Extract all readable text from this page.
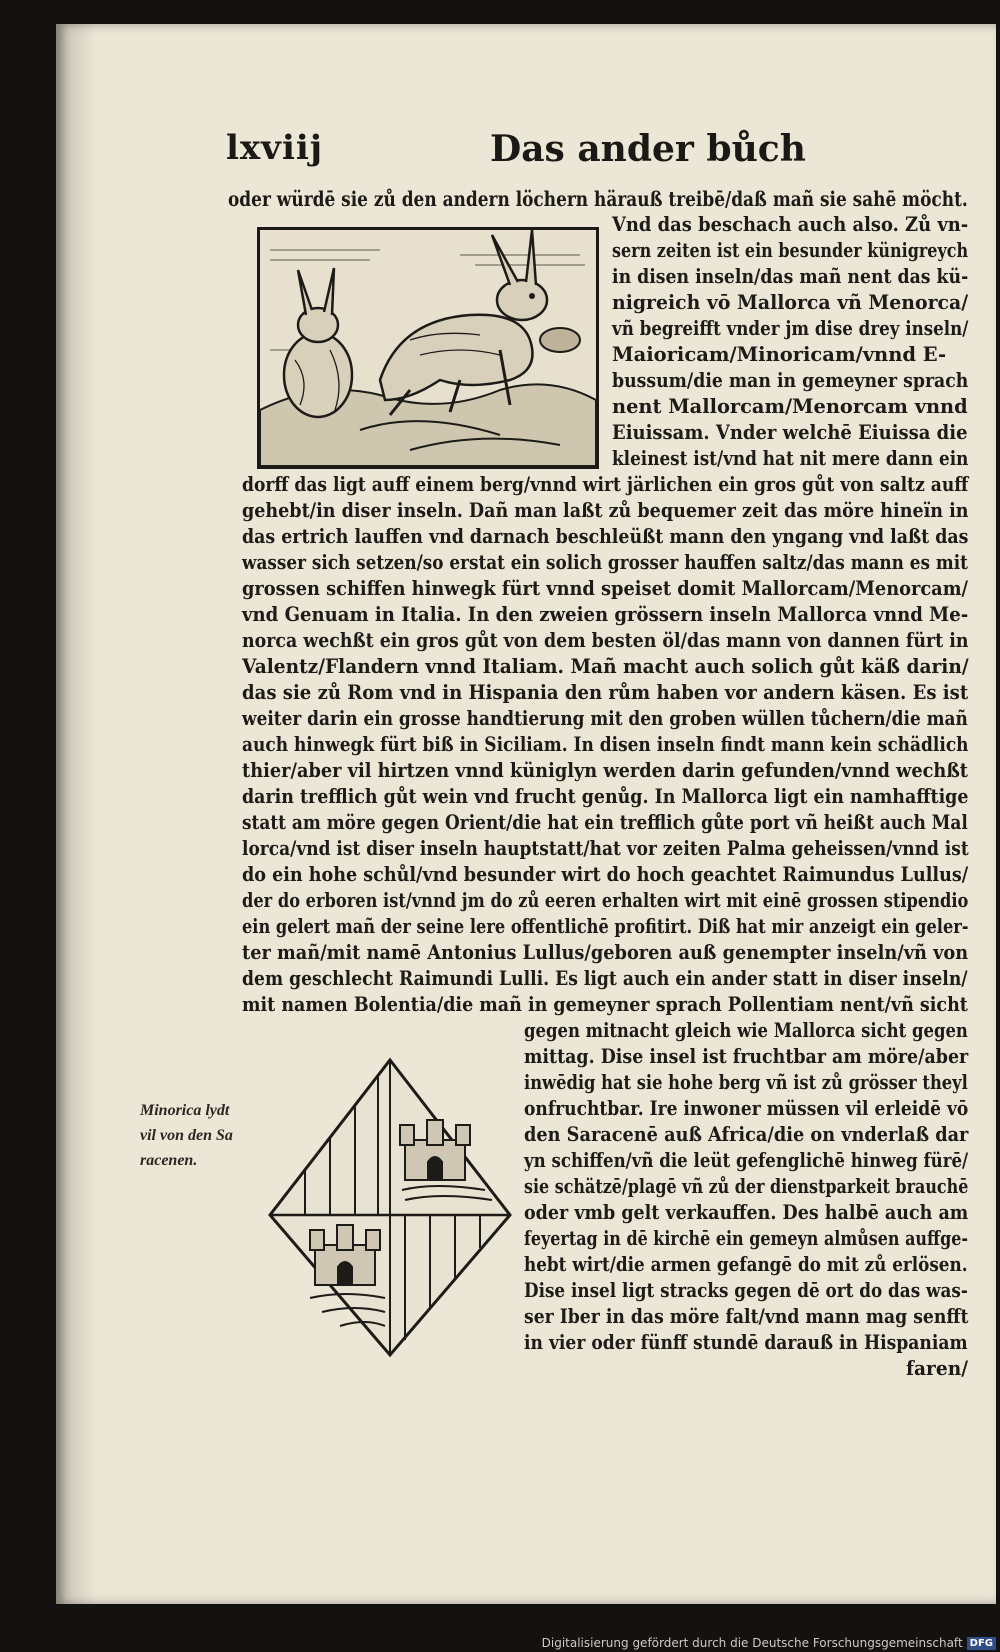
lxviij	Das ander bůch
oder würdē sie zů den andern löchern härauß treibē/daß mañ sie sahē möcht.
Vnd das beschach auch also. Zů vn-
sern zeiten ist ein besunder künigreych
in disen inseln/das mañ nent das kü-
nigreich vō Mallorca vñ Menorca/
vñ begreifft vnder jm dise drey inseln/
Maioricam/Minoricam/vnnd E-
bussum/die man in gemeyner sprach
nent Mallorcam/Menorcam vnnd
Eiuissam. Vnder welchē Eiuissa die
kleinest ist/vnd hat nit mere dann ein
dorff das ligt auff einem berg/vnnd wirt järlichen ein gros gůt von saltz auff
gehebt/in diser inseln. Dañ man laßt zů bequemer zeit das möre hineïn in
das ertrich lauffen vnd darnach beschleüßt mann den yngang vnd laßt das
wasser sich setzen/so erstat ein solich grosser hauffen saltz/das mann es mit
grossen schiffen hinwegk fürt vnnd speiset domit Mallorcam/Menorcam/
vnd Genuam in Italia. In den zweien grössern inseln Mallorca vnnd Me-
norca wechßt ein gros gůt von dem besten öl/das mann von dannen fürt in
Valentz/Flandern vnnd Italiam. Mañ macht auch solich gůt käß darin/
das sie zů Rom vnd in Hispania den rům haben vor andern käsen. Es ist
weiter darin ein grosse handtierung mit den groben wüllen tůchern/die mañ
auch hinwegk fürt biß in Siciliam. In disen inseln findt mann kein schädlich
thier/aber vil hirtzen vnnd küniglyn werden darin gefunden/vnnd wechßt
darin trefflich gůt wein vnd frucht genůg. In Mallorca ligt ein namhafftige
statt am möre gegen Orient/die hat ein trefflich gůte port vñ heißt auch Mal
lorca/vnd ist diser inseln hauptstatt/hat vor zeiten Palma geheissen/vnnd ist
do ein hohe schůl/vnd besunder wirt do hoch geachtet Raimundus Lullus/
der do erboren ist/vnnd jm do zů eeren erhalten wirt mit einē grossen stipendio
ein gelert mañ der seine lere offentlichē profitirt. Diß hat mir anzeigt ein geler-
ter mañ/mit namē Antonius Lullus/geboren auß genempter inseln/vñ von
dem geschlecht Raimundi Lulli. Es ligt auch ein ander statt in diser inseln/
mit namen Bolentia/die mañ in gemeyner sprach Pollentiam nent/vñ sicht
gegen mitnacht gleich wie Mallorca sicht gegen
mittag. Dise insel ist fruchtbar am möre/aber
inwēdig hat sie hohe berg vñ ist zů grösser theyl
onfruchtbar. Ire inwoner müssen vil erleidē vō
den Saracenē auß Africa/die on vnderlaß dar
yn schiffen/vñ die leüt gefenglichē hinweg fürē/
sie schätzē/plagē vñ zů der dienstparkeit brauchē
oder vmb gelt verkauffen. Des halbē auch am
feyertag in dē kirchē ein gemeyn almůsen auffge-
hebt wirt/die armen gefangē do mit zů erlösen.
Dise insel ligt stracks gegen dē ort do das was-
ser Iber in das möre falt/vnd mann mag senfft
in vier oder fünff stundē darauß in Hispaniam
faren/
Minorica lydt
vil von den Sa
racenen.
Digitalisierung gefördert durch die Deutsche Forschungsgemeinschaft DFG
